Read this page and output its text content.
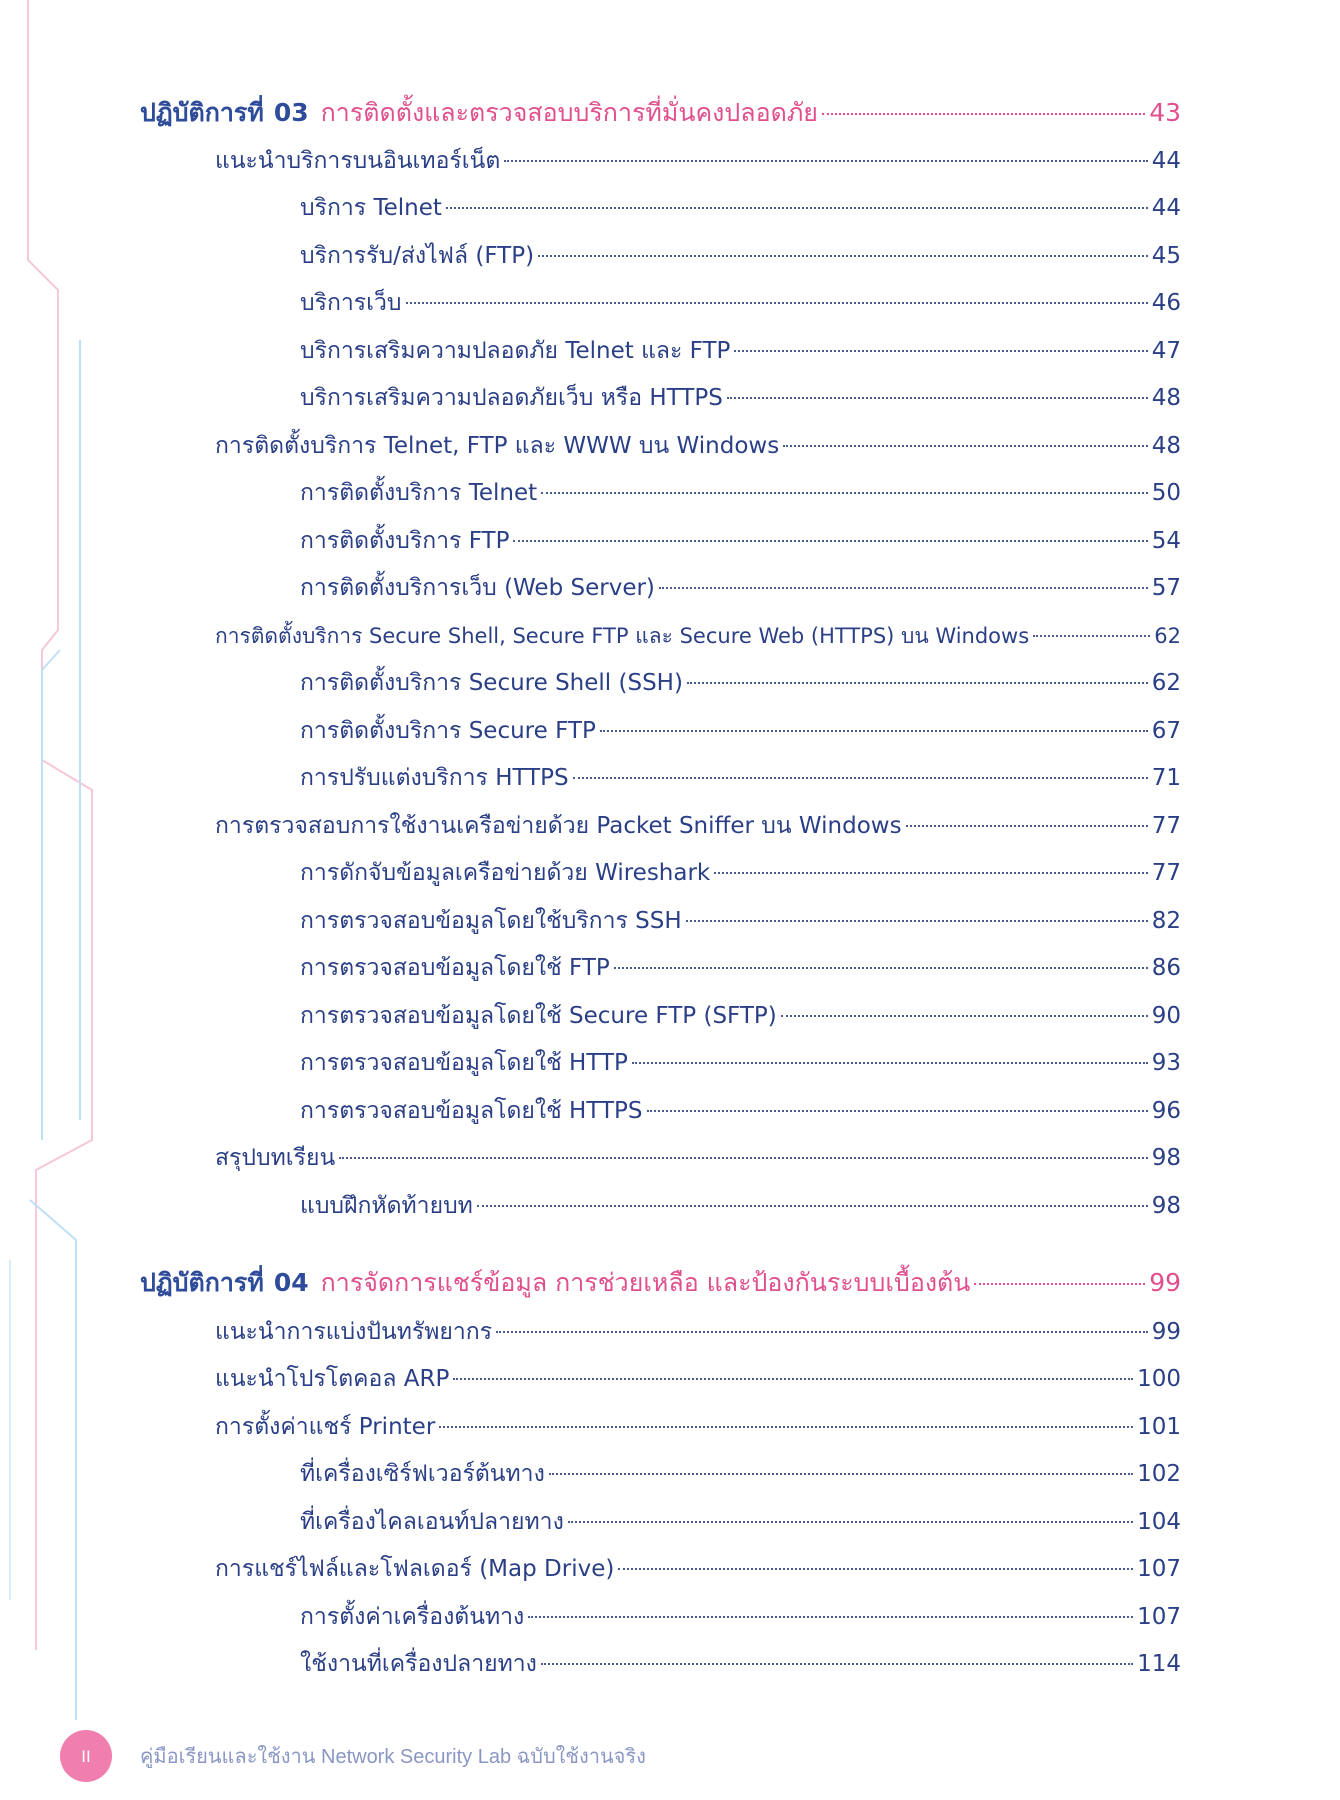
ปฏิบัติการที่ 03 การติดตั้งและตรวจสอบบริการที่มั่นคงปลอดภัย	43
แนะนำบริการบนอินเทอร์เน็ต	44
บริการ Telnet	44
บริการรับ/ส่งไฟล์ (FTP)	45
บริการเว็บ	46
บริการเสริมความปลอดภัย Telnet และ FTP	47
บริการเสริมความปลอดภัยเว็บ หรือ HTTPS	48
การติดตั้งบริการ Telnet, FTP และ WWW บน Windows	48
การติดตั้งบริการ Telnet	50
การติดตั้งบริการ FTP	54
การติดตั้งบริการเว็บ (Web Server)	57
การติดตั้งบริการ Secure Shell, Secure FTP และ Secure Web (HTTPS) บน Windows	62
การติดตั้งบริการ Secure Shell (SSH)	62
การติดตั้งบริการ Secure FTP	67
การปรับแต่งบริการ HTTPS	71
การตรวจสอบการใช้งานเครือข่ายด้วย Packet Sniffer บน Windows	77
การดักจับข้อมูลเครือข่ายด้วย Wireshark	77
การตรวจสอบข้อมูลโดยใช้บริการ SSH	82
การตรวจสอบข้อมูลโดยใช้ FTP	86
การตรวจสอบข้อมูลโดยใช้ Secure FTP (SFTP)	90
การตรวจสอบข้อมูลโดยใช้ HTTP	93
การตรวจสอบข้อมูลโดยใช้ HTTPS	96
สรุปบทเรียน	98
แบบฝึกหัดท้ายบท	98
ปฏิบัติการที่ 04 การจัดการแชร์ข้อมูล การช่วยเหลือ และป้องกันระบบเบื้องต้น	99
แนะนำการแบ่งปันทรัพยากร	99
แนะนำโปรโตคอล ARP	100
การตั้งค่าแชร์ Printer	101
ที่เครื่องเซิร์ฟเวอร์ต้นทาง	102
ที่เครื่องไคลเอนท์ปลายทาง	104
การแชร์ไฟล์และโฟลเดอร์ (Map Drive)	107
การตั้งค่าเครื่องต้นทาง	107
ใช้งานที่เครื่องปลายทาง	114
II	คู่มือเรียนและใช้งาน Network Security Lab ฉบับใช้งานจริง
